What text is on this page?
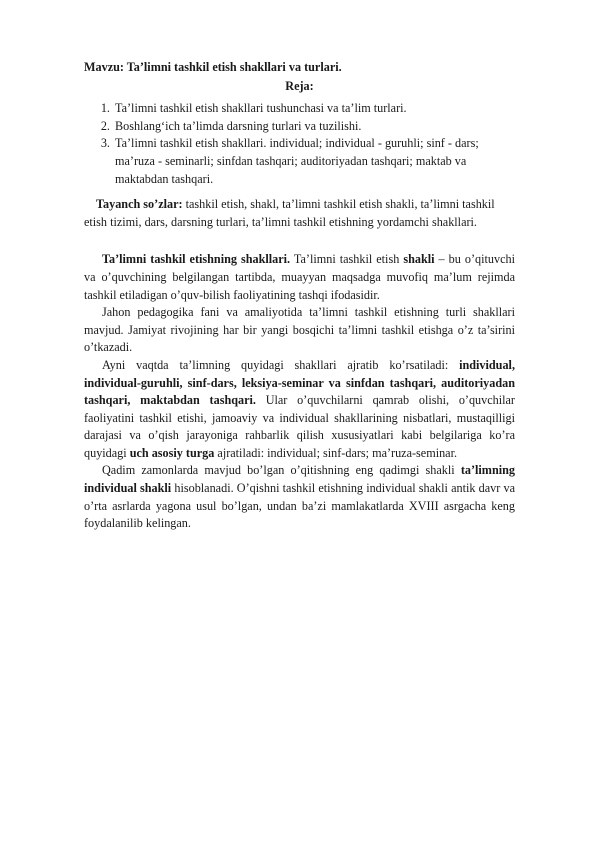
Mavzu: Ta’limni tashkil etish shakllari va turlari.

Reja:

1. Ta’limni tashkil etish shakllari tushunchasi va ta’lim turlari.
2. Boshlang‘ich ta’limda darsning turlari va tuzilishi.
3. Ta’limni tashkil etish shakllari. individual; individual - guruhli; sinf - dars; ma’ruza - seminarli; sinfdan tashqari; auditoriyadan tashqari; maktab va maktabdan tashqari.

Tayanch so’zlar: tashkil etish, shakl, ta’limni tashkil etish shakli, ta’limni tashkil etish tizimi, dars, darsning turlari, ta’limni tashkil etishning yordamchi shakllari.

Ta’limni tashkil etishning shakllari. Ta’limni tashkil etish shakli – bu o’qituvchi va o’quvchining belgilangan tartibda, muayyan maqsadga muvofiq ma’lum rejimda tashkil etiladigan o’quv-bilish faoliyatining tashqi ifodasidir.

Jahon pedagogika fani va amaliyotida ta’limni tashkil etishning turli shakllari mavjud. Jamiyat rivojining har bir yangi bosqichi ta’limni tashkil etishga o’z ta’sirini o’tkazadi.

Ayni vaqtda ta’limning quyidagi shakllari ajratib ko’rsatiladi: individual, individual-guruhli, sinf-dars, leksiya-seminar va sinfdan tashqari, auditoriyadan tashqari, maktabdan tashqari. Ular o’quvchilarni qamrab olishi, o’quvchilar faoliyatini tashkil etishi, jamoaviy va individual shakllarining nisbatlari, mustaqilligi darajasi va o’qish jarayoniga rahbarlik qilish xususiyatlari kabi belgilariga ko’ra quyidagi uch asosiy turga ajratiladi: individual; sinf-dars; ma’ruza-seminar.

Qadim zamonlarda mavjud bo’lgan o’qitishning eng qadimgi shakli ta’limning individual shakli hisoblanadi. O’qishni tashkil etishning individual shakli antik davr va o’rta asrlarda yagona usul bo’lgan, undan ba’zi mamlakatlarda XVIII asrgacha keng foydalanilib kelingan.
